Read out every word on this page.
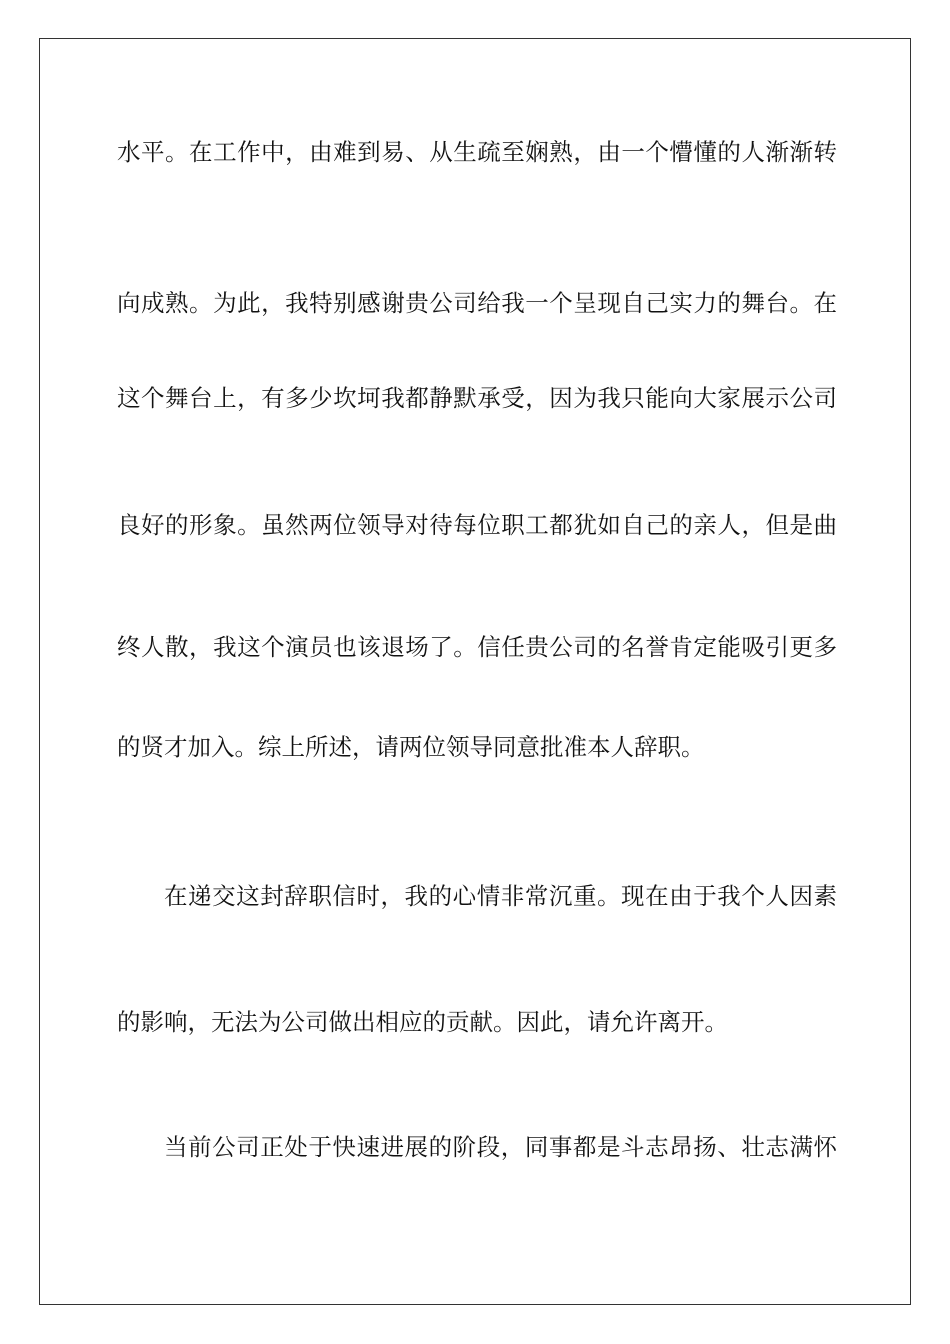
水平。在工作中，由难到易、从生疏至娴熟，由一个懵懂的人渐渐转
向成熟。为此，我特别感谢贵公司给我一个呈现自己实力的舞台。在
这个舞台上，有多少坎坷我都静默承受，因为我只能向大家展示公司
良好的形象。虽然两位领导对待每位职工都犹如自己的亲人，但是曲
终人散，我这个演员也该退场了。信任贵公司的名誉肯定能吸引更多
的贤才加入。综上所述，请两位领导同意批准本人辞职。
在递交这封辞职信时，我的心情非常沉重。现在由于我个人因素
的影响，无法为公司做出相应的贡献。因此，请允许离开。
当前公司正处于快速进展的阶段，同事都是斗志昂扬、壮志满怀
